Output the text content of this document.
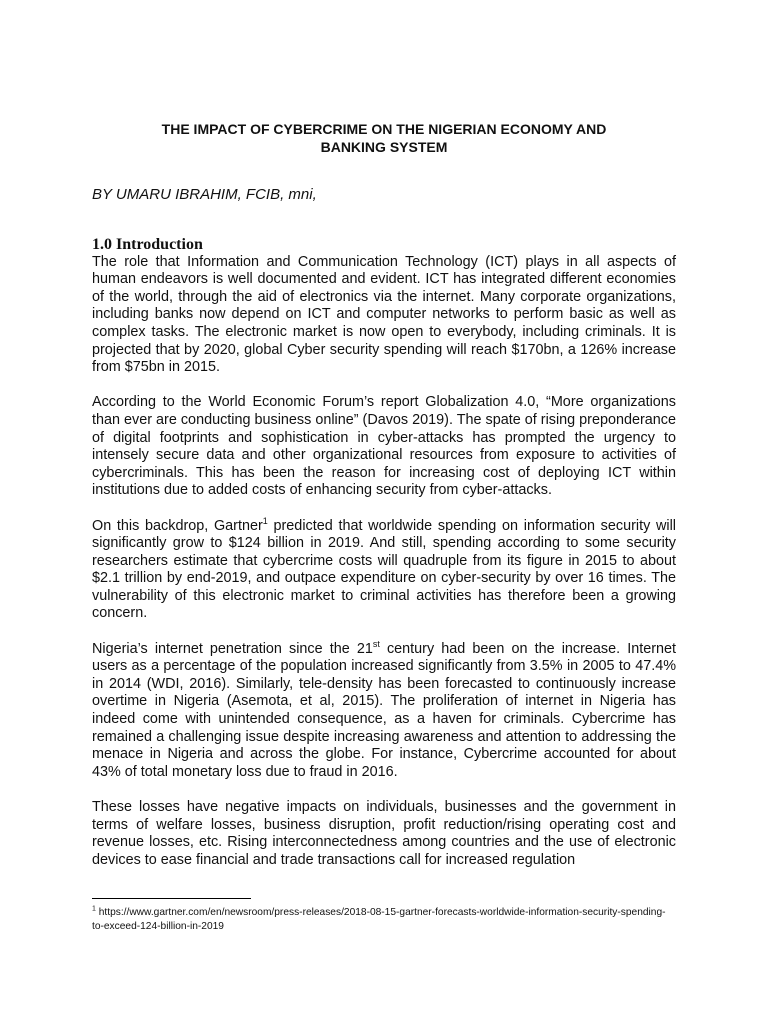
THE IMPACT OF CYBERCRIME ON THE NIGERIAN ECONOMY AND
BANKING SYSTEM
BY UMARU IBRAHIM, FCIB, mni,
1.0 Introduction

The role that Information and Communication Technology (ICT) plays in all aspects of human endeavors is well documented and evident. ICT has integrated different economies of the world, through the aid of electronics via the internet. Many corporate organizations, including banks now depend on ICT and computer networks to perform basic as well as complex tasks. The electronic market is now open to everybody, including criminals. It is projected that by 2020, global Cyber security spending will reach $170bn, a 126% increase from $75bn in 2015.

According to the World Economic Forum’s report Globalization 4.0, “More organizations than ever are conducting business online” (Davos 2019). The spate of rising preponderance of digital footprints and sophistication in cyber-attacks has prompted the urgency to intensely secure data and other organizational resources from exposure to activities of cybercriminals. This has been the reason for increasing cost of deploying ICT within institutions due to added costs of enhancing security from cyber-attacks.

On this backdrop, Gartner$^1$ predicted that worldwide spending on information security will significantly grow to $124 billion in 2019. And still, spending according to some security researchers estimate that cybercrime costs will quadruple from its figure in 2015 to about $2.1 trillion by end-2019, and outpace expenditure on cyber-security by over 16 times. The vulnerability of this electronic market to criminal activities has therefore been a growing concern.

Nigeria’s internet penetration since the 21st century had been on the increase. Internet users as a percentage of the population increased significantly from 3.5% in 2005 to 47.4% in 2014 (WDI, 2016). Similarly, tele-density has been forecasted to continuously increase overtime in Nigeria (Asemota, et al, 2015). The proliferation of internet in Nigeria has indeed come with unintended consequence, as a haven for criminals. Cybercrime has remained a challenging issue despite increasing awareness and attention to addressing the menace in Nigeria and across the globe. For instance, Cybercrime accounted for about 43% of total monetary loss due to fraud in 2016.

These losses have negative impacts on individuals, businesses and the government in terms of welfare losses, business disruption, profit reduction/rising operating cost and revenue losses, etc. Rising interconnectedness among countries and the use of electronic devices to ease financial and trade transactions call for increased regulation

$^1$ https://www.gartner.com/en/newsroom/press-releases/2018-08-15-gartner-forecasts-worldwide-information-security-spending-to-exceed-124-billion-in-2019
